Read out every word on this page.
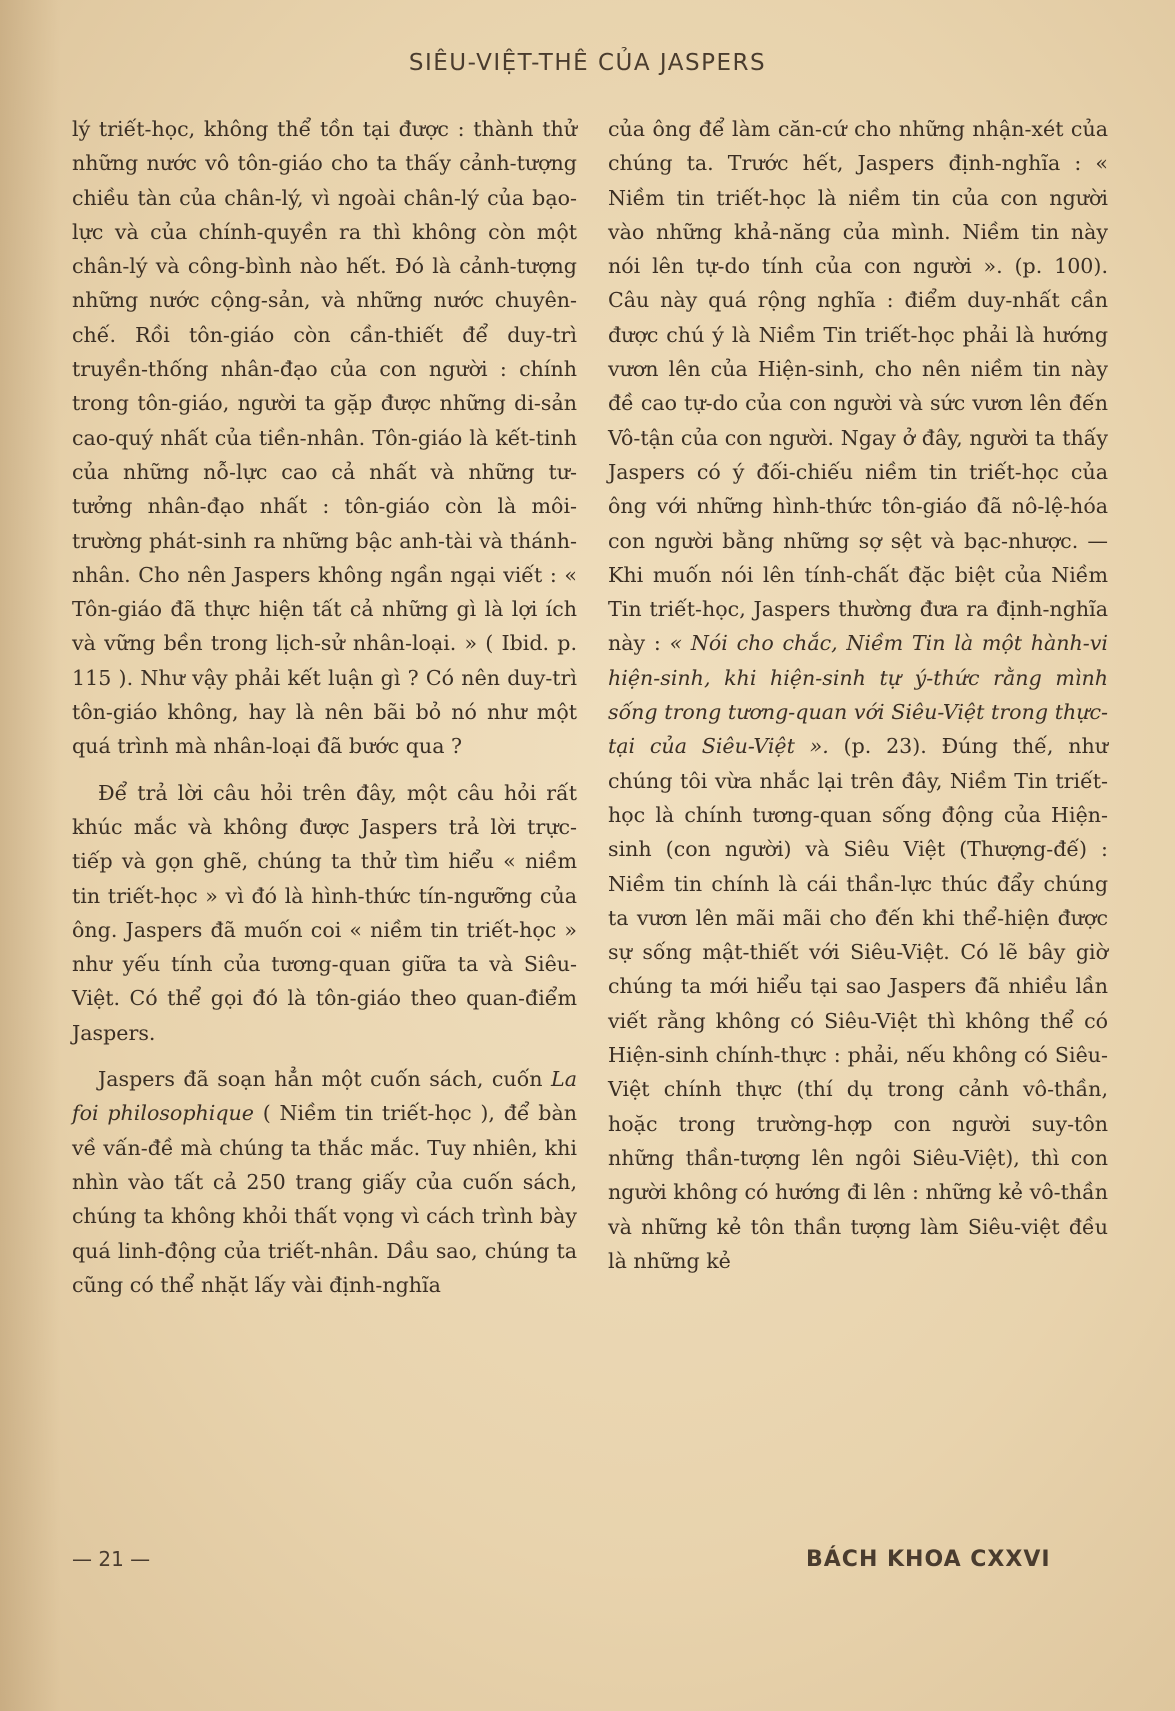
SIÊU-VIỆT-THÊ CỦA JASPERS

lý triết-học, không thể tồn tại được : thành thử những nước vô tôn-giáo cho ta thấy cảnh-tượng chiều tàn của chân-lý, vì ngoài chân-lý của bạo-lực và của chính-quyền ra thì không còn một chân-lý và công-bình nào hết. Đó là cảnh-tượng những nước cộng-sản, và những nước chuyên-chế. Rồi tôn-giáo còn cần-thiết để duy-trì truyền-thống nhân-đạo của con người : chính trong tôn-giáo, người ta gặp được những di-sản cao-quý nhất của tiền-nhân. Tôn-giáo là kết-tinh của những nỗ-lực cao cả nhất và những tư-tưởng nhân-đạo nhất : tôn-giáo còn là môi-trường phát-sinh ra những bậc anh-tài và thánh-nhân. Cho nên Jaspers không ngần ngại viết : « Tôn-giáo đã thực hiện tất cả những gì là lợi ích và vững bền trong lịch-sử nhân-loại. » ( Ibid. p. 115 ). Như vậy phải kết luận gì ? Có nên duy-trì tôn-giáo không, hay là nên bãi bỏ nó như một quá trình mà nhân-loại đã bước qua ?

Để trả lời câu hỏi trên đây, một câu hỏi rất khúc mắc và không được Jaspers trả lời trực-tiếp và gọn ghẽ, chúng ta thử tìm hiểu « niềm tin triết-học » vì đó là hình-thức tín-ngưỡng của ông. Jaspers đã muốn coi « niềm tin triết-học » như yếu tính của tương-quan giữa ta và Siêu-Việt. Có thể gọi đó là tôn-giáo theo quan-điểm Jaspers.

Jaspers đã soạn hẳn một cuốn sách, cuốn La foi philosophique ( Niềm tin triết-học ), để bàn về vấn-đề mà chúng ta thắc mắc. Tuy nhiên, khi nhìn vào tất cả 250 trang giấy của cuốn sách, chúng ta không khỏi thất vọng vì cách trình bày quá linh-động của triết-nhân. Dầu sao, chúng ta cũng có thể nhặt lấy vài định-nghĩa

của ông để làm căn-cứ cho những nhận-xét của chúng ta. Trước hết, Jaspers định-nghĩa : « Niềm tin triết-học là niềm tin của con người vào những khả-năng của mình. Niềm tin này nói lên tự-do tính của con người ». (p. 100). Câu này quá rộng nghĩa : điểm duy-nhất cần được chú ý là Niềm Tin triết-học phải là hướng vươn lên của Hiện-sinh, cho nên niềm tin này đề cao tự-do của con người và sức vươn lên đến Vô-tận của con người. Ngay ở đây, người ta thấy Jaspers có ý đối-chiếu niềm tin triết-học của ông với những hình-thức tôn-giáo đã nô-lệ-hóa con người bằng những sợ sệt và bạc-nhược. — Khi muốn nói lên tính-chất đặc biệt của Niềm Tin triết-học, Jaspers thường đưa ra định-nghĩa này : « Nói cho chắc, Niềm Tin là một hành-vi hiện-sinh, khi hiện-sinh tự ý-thức rằng mình sống trong tương-quan với Siêu-Việt trong thực-tại của Siêu-Việt ». (p. 23). Đúng thế, như chúng tôi vừa nhắc lại trên đây, Niềm Tin triết-học là chính tương-quan sống động của Hiện-sinh (con người) và Siêu Việt (Thượng-đế) : Niềm tin chính là cái thần-lực thúc đẩy chúng ta vươn lên mãi mãi cho đến khi thể-hiện được sự sống mật-thiết với Siêu-Việt. Có lẽ bây giờ chúng ta mới hiểu tại sao Jaspers đã nhiều lần viết rằng không có Siêu-Việt thì không thể có Hiện-sinh chính-thực : phải, nếu không có Siêu-Việt chính thực (thí dụ trong cảnh vô-thần, hoặc trong trường-hợp con người suy-tôn những thần-tượng lên ngôi Siêu-Việt), thì con người không có hướng đi lên : những kẻ vô-thần và những kẻ tôn thần tượng làm Siêu-việt đều là những kẻ

— 21 —	BÁCH KHOA CXXVI
